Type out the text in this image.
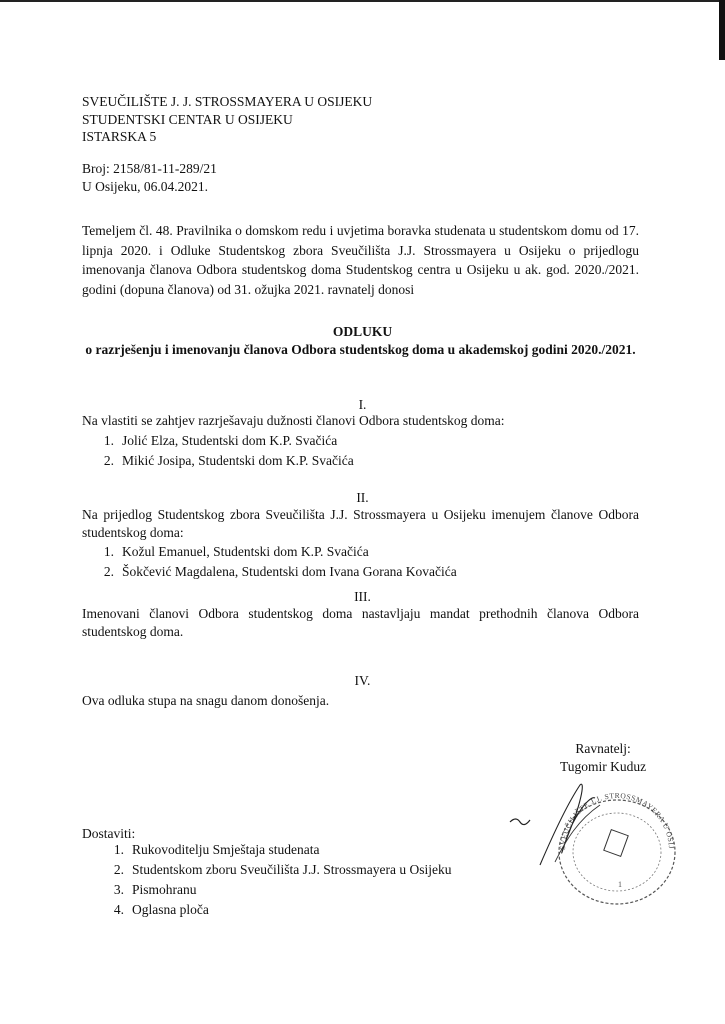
SVEUČILIŠTE J. J. STROSSMAYERA U OSIJEKU
STUDENTSKI CENTAR U OSIJEKU
ISTARSKA 5
Broj: 2158/81-11-289/21
U Osijeku, 06.04.2021.

Temeljem čl. 48. Pravilnika o domskom redu i uvjetima boravka studenata u studentskom domu od 17. lipnja 2020. i Odluke Studentskog zbora Sveučilišta J.J. Strossmayera u Osijeku o prijedlogu imenovanja članova Odbora studentskog doma Studentskog centra u Osijeku u ak. god. 2020./2021. godini (dopuna članova) od 31. ožujka 2021. ravnatelj donosi

ODLUKU
o razrješenju i imenovanju članova Odbora studentskog doma u akademskoj godini 2020./2021.
I.

Na vlastiti se zahtjev razrješavaju dužnosti članovi Odbora studentskog doma:

1. Jolić Elza, Studentski dom K.P. Svačića
2. Mikić Josipa, Studentski dom K.P. Svačića
II.

Na prijedlog Studentskog zbora Sveučilišta J.J. Strossmayera u Osijeku imenujem članove Odbora studentskog doma:

1. Kožul Emanuel, Studentski dom K.P. Svačića
2. Šokčević Magdalena, Studentski dom Ivana Gorana Kovačića
III.

Imenovani članovi Odbora studentskog doma nastavljaju mandat prethodnih članova Odbora studentskog doma.

IV.

Ova odluka stupa na snagu danom donošenja.

Ravnatelj:
Tugomir Kuduz
SVEUČILIŠTE J.J. STROSSMAYERA U OSIJ
1
Dostaviti:
1. Rukovoditelju Smještaja studenata
2. Studentskom zboru Sveučilišta J.J. Strossmayera u Osijeku
3. Pismohranu
4. Oglasna ploča
